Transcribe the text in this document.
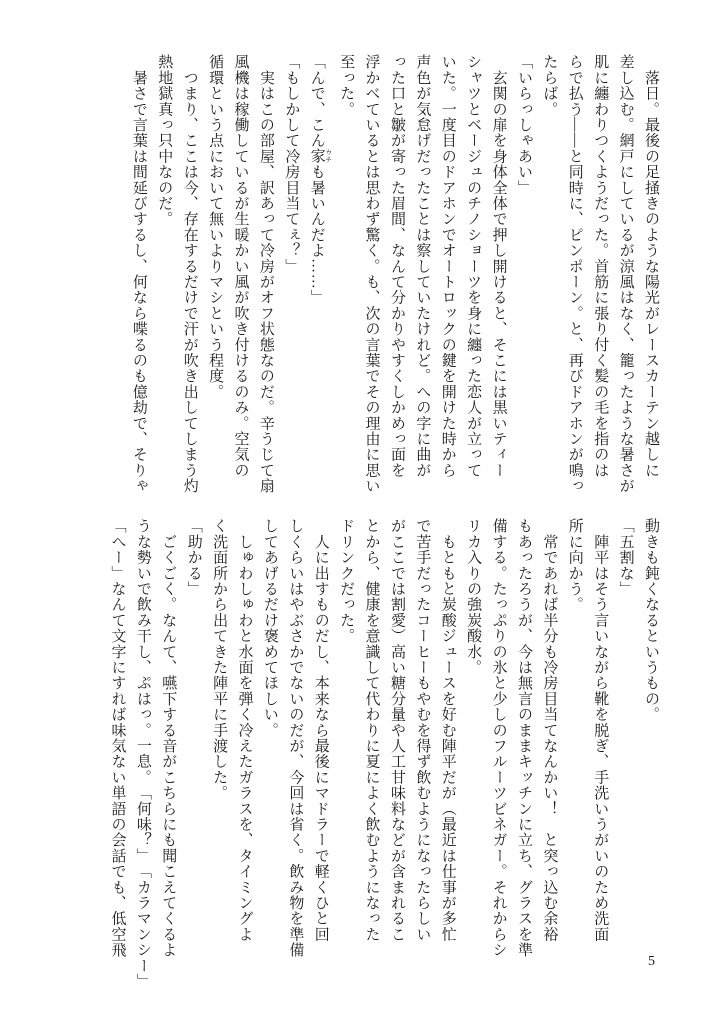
　落日。最後の足掻きのような陽光がレースカーテン越しに

差し込む。網戸にしているが涼風はなく、籠ったような暑さが

肌に纏わりつくようだった。首筋に張り付く髪の毛を指のは

らで払う――と同時に、ピンポーン。と、再びドアホンが鳴っ

たらば。

「いらっしゃあい」

　玄関の扉を身体全体で押し開けると、そこには黒いティー

シャツとベージュのチノショーツを身に纏った恋人が立って

いた。一度目のドアホンでオートロックの鍵を開けた時から

声色が気怠げだったことは察していたけれど。への字に曲が

った口と皺が寄った眉間、なんて分かりやすくしかめっ面を

浮かべているとは思わず驚く。も、次の言葉でその理由に思い

至った。

「んで、こん家 ウチも暑いんだよ……」

「もしかして冷房目当てぇ？」

　実はこの部屋、訳あって冷房がオフ状態なのだ。辛うじて扇

風機は稼働しているが生暖かい風が吹き付けるのみ。空気の

循環という点において無いよりマシという程度。

　つまり、ここは今、存在するだけで汗が吹き出してしまう灼

熱地獄真っ只中なのだ。

　暑さで言葉は間延びするし、何なら喋るのも億劫で、そりゃ

動きも鈍くなるというもの。

「五割な」

　陣平はそう言いながら靴を脱ぎ、手洗いうがいのため洗面

所に向かう。

　常であれば半分も冷房目当てなんかい！　と突っ込む余裕

もあったろうが、今は無言のままキッチンに立ち、グラスを準

備する。たっぷりの氷と少しのフルーツビネガー。それからシ

リカ入りの強炭酸水。

　もともと炭酸ジュースを好む陣平だが（最近は仕事が多忙

で苦手だったコーヒーもやむを得ず飲むようになったらしい

がここでは割愛）高い糖分量や人工甘味料などが含まれるこ

とから、健康を意識して代わりに夏によく飲むようになった

ドリンクだった。

　人に出すものだし、本来なら最後にマドラーで軽くひと回

しくらいはやぶさかでないのだが、今回は省く。飲み物を準備

してあげるだけ褒めてほしい。

　しゅわしゅわと水面を弾く冷えたガラスを、タイミングよ

く洗面所から出てきた陣平に手渡した。

「助かる」

　ごくごく。なんて、嚥下する音がこちらにも聞こえてくるよ

うな勢いで飲み干し、ぷはっ。一息。「何味？」「カラマンシー」

「へー」なんて文字にすれば味気ない単語の会話でも、低空飛

5
